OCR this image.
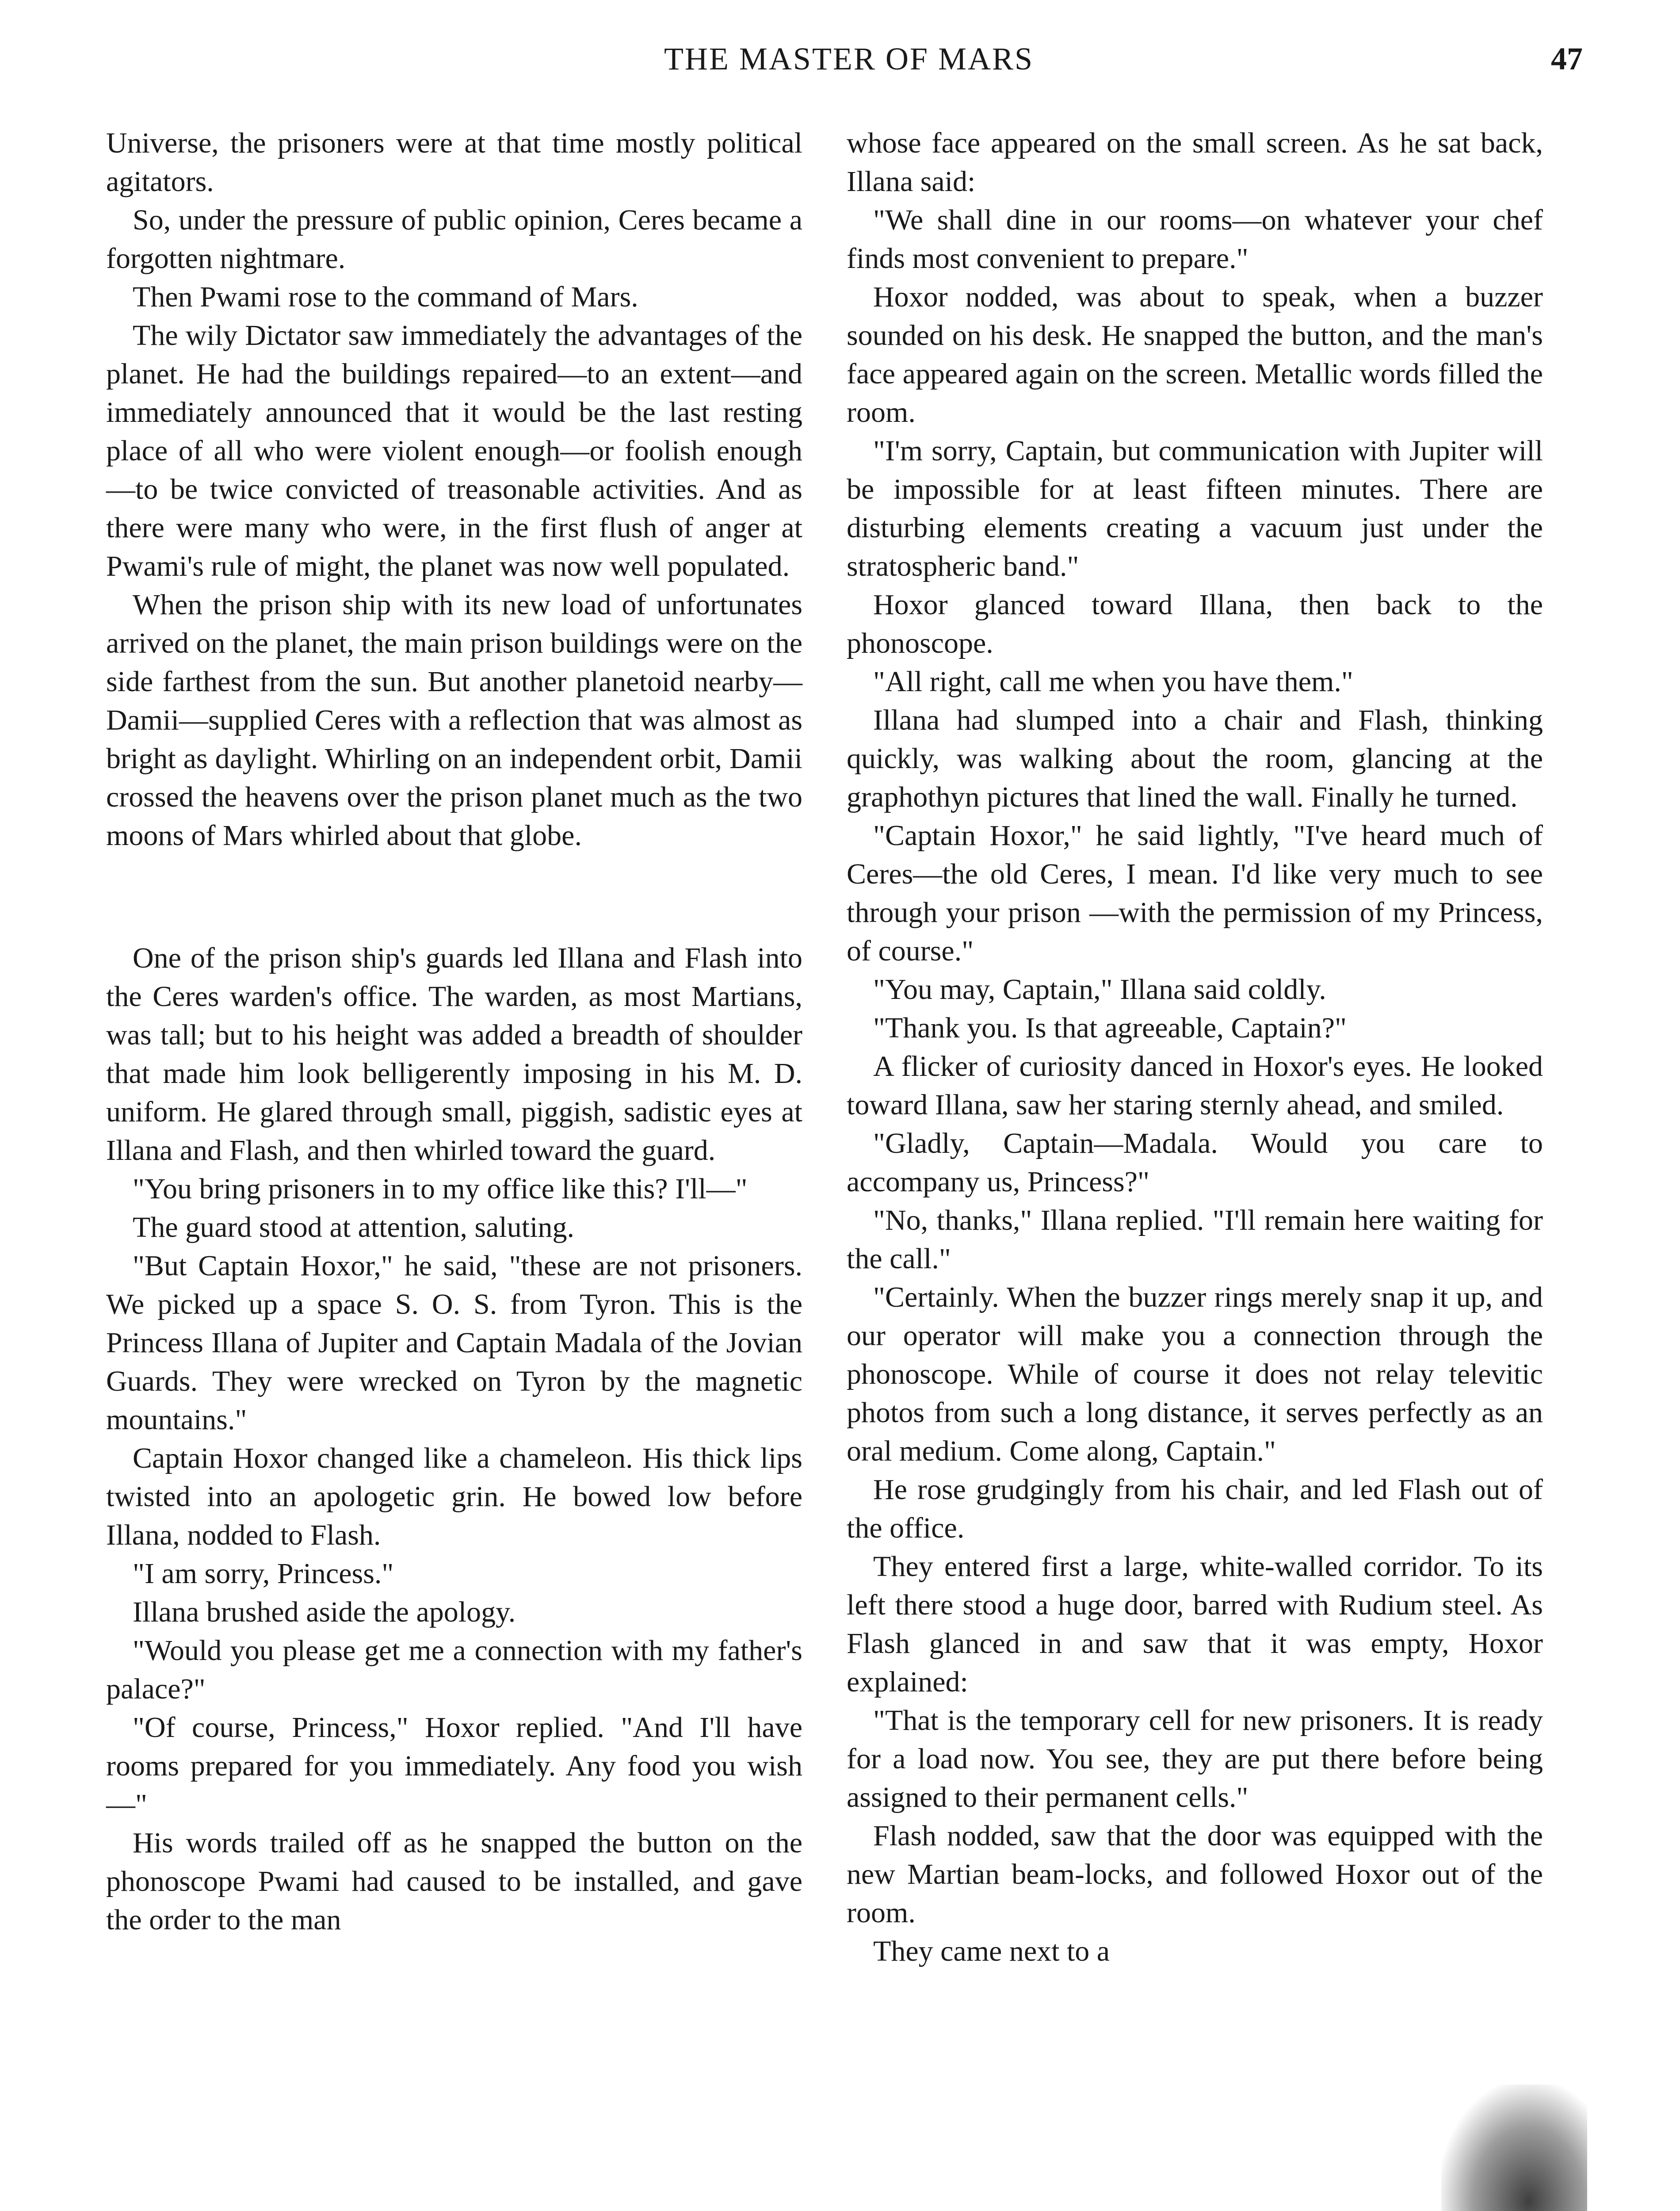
THE MASTER OF MARS	47

Universe, the prisoners were at that time mostly political agitators.

So, under the pressure of public opinion, Ceres became a forgotten nightmare.

Then Pwami rose to the command of Mars.

The wily Dictator saw immediately the advantages of the planet. He had the buildings repaired—to an extent—and immediately announced that it would be the last resting place of all who were violent enough—or foolish enough—to be twice convicted of treasonable activities. And as there were many who were, in the first flush of anger at Pwami's rule of might, the planet was now well populated.

When the prison ship with its new load of unfortunates arrived on the planet, the main prison buildings were on the side farthest from the sun. But another planetoid nearby—Damii—supplied Ceres with a reflection that was almost as bright as daylight. Whirling on an independent orbit, Damii crossed the heavens over the prison planet much as the two moons of Mars whirled about that globe.

One of the prison ship's guards led Illana and Flash into the Ceres warden's office. The warden, as most Martians, was tall; but to his height was added a breadth of shoulder that made him look belligerently imposing in his M. D. uniform. He glared through small, piggish, sadistic eyes at Illana and Flash, and then whirled toward the guard.

"You bring prisoners in to my office like this? I'll—"

The guard stood at attention, saluting.

"But Captain Hoxor," he said, "these are not prisoners. We picked up a space S. O. S. from Tyron. This is the Princess Illana of Jupiter and Captain Madala of the Jovian Guards. They were wrecked on Tyron by the magnetic mountains."

Captain Hoxor changed like a chameleon. His thick lips twisted into an apologetic grin. He bowed low before Illana, nodded to Flash.

"I am sorry, Princess."

Illana brushed aside the apology.

"Would you please get me a connection with my father's palace?"

"Of course, Princess," Hoxor replied. "And I'll have rooms prepared for you immediately. Any food you wish—"

His words trailed off as he snapped the button on the phonoscope Pwami had caused to be installed, and gave the order to the man

whose face appeared on the small screen. As he sat back, Illana said:

"We shall dine in our rooms—on whatever your chef finds most convenient to prepare."

Hoxor nodded, was about to speak, when a buzzer sounded on his desk. He snapped the button, and the man's face appeared again on the screen. Metallic words filled the room.

"I'm sorry, Captain, but communication with Jupiter will be impossible for at least fifteen minutes. There are disturbing elements creating a vacuum just under the stratospheric band."

Hoxor glanced toward Illana, then back to the phonoscope.

"All right, call me when you have them."

Illana had slumped into a chair and Flash, thinking quickly, was walking about the room, glancing at the graphothyn pictures that lined the wall. Finally he turned.

"Captain Hoxor," he said lightly, "I've heard much of Ceres—the old Ceres, I mean. I'd like very much to see through your prison —with the permission of my Princess, of course."

"You may, Captain," Illana said coldly.

"Thank you. Is that agreeable, Captain?"

A flicker of curiosity danced in Hoxor's eyes. He looked toward Illana, saw her staring sternly ahead, and smiled.

"Gladly, Captain—Madala. Would you care to accompany us, Princess?"

"No, thanks," Illana replied. "I'll remain here waiting for the call."

"Certainly. When the buzzer rings merely snap it up, and our operator will make you a connection through the phonoscope. While of course it does not relay televitic photos from such a long distance, it serves perfectly as an oral medium. Come along, Captain."

He rose grudgingly from his chair, and led Flash out of the office.

They entered first a large, white-walled corridor. To its left there stood a huge door, barred with Rudium steel. As Flash glanced in and saw that it was empty, Hoxor explained:

"That is the temporary cell for new prisoners. It is ready for a load now. You see, they are put there before being assigned to their permanent cells."

Flash nodded, saw that the door was equipped with the new Martian beam-locks, and followed Hoxor out of the room.

They came next to a
